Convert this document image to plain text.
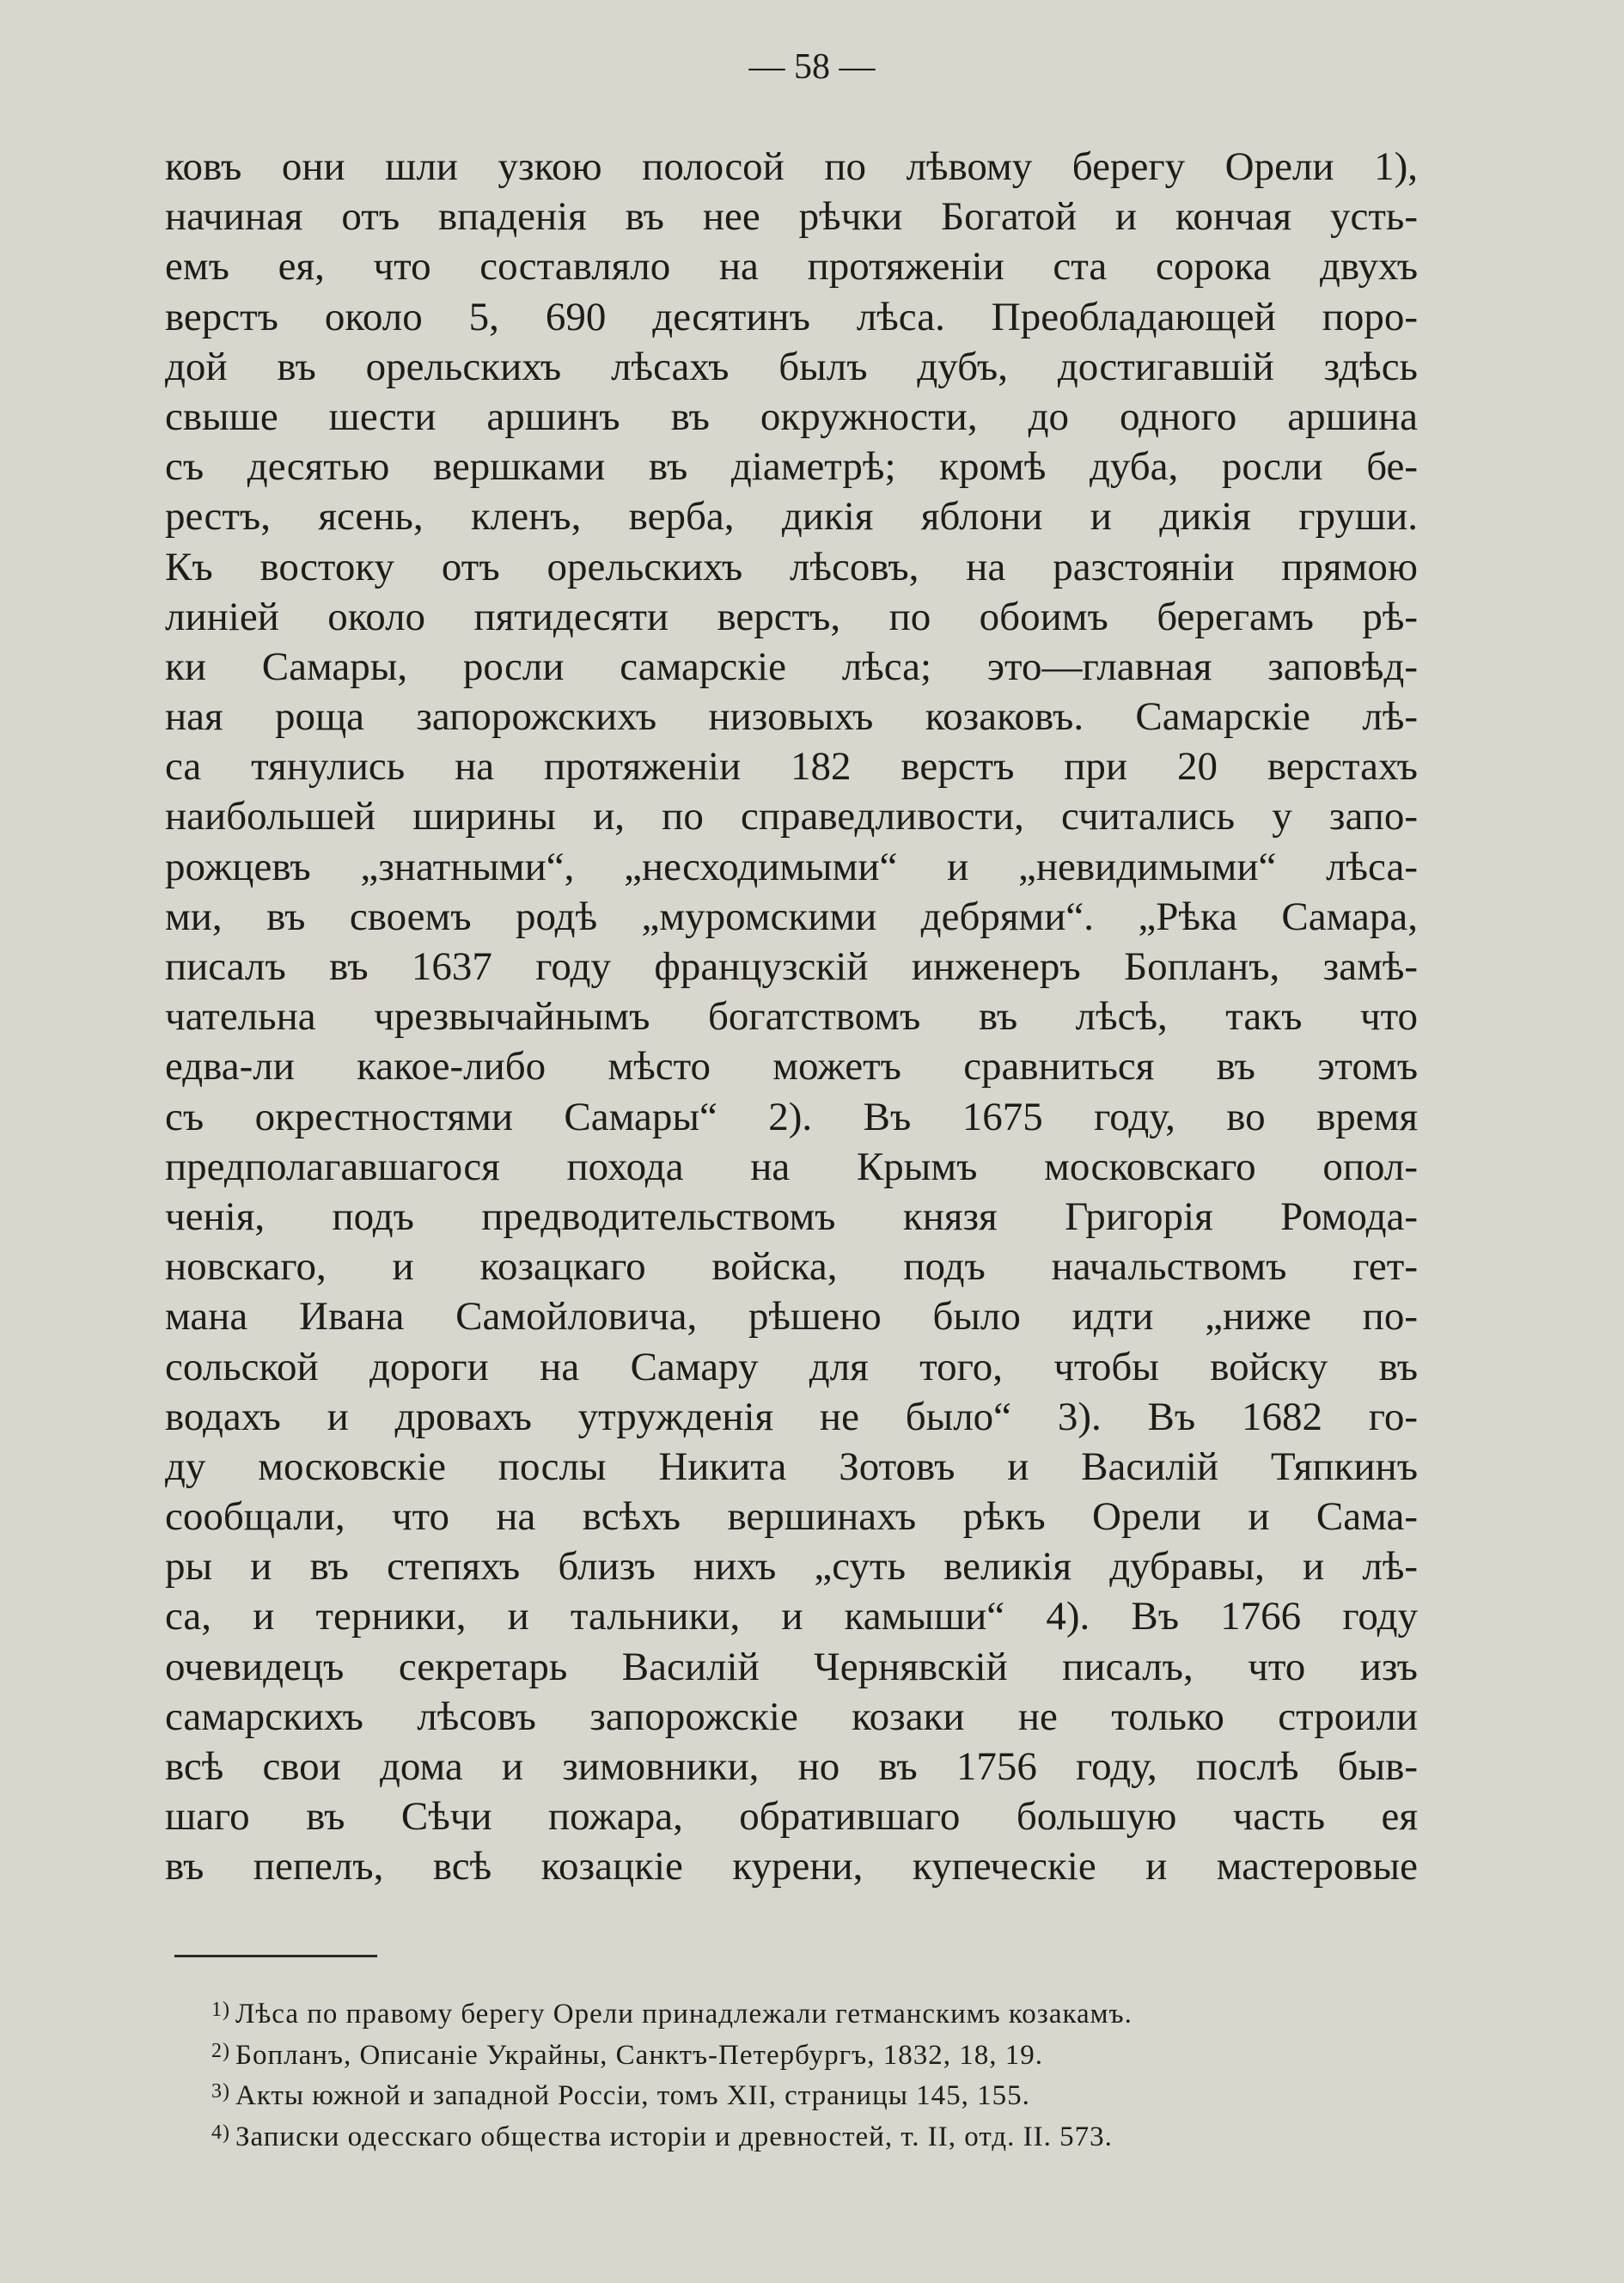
— 58 —
ковъ они шли узкою полосой по лѣвому берегу Орели 1),
начиная отъ впаденія въ нее рѣчки Богатой и кончая усть-
емъ ея, что составляло на протяженіи ста сорока двухъ
верстъ около 5, 690 десятинъ лѣса. Преобладающей поро-
дой въ орельскихъ лѣсахъ былъ дубъ, достигавшій здѣсь
свыше шести аршинъ въ окружности, до одного аршина
съ десятью вершками въ діаметрѣ; кромѣ дуба, росли бе-
рестъ, ясень, кленъ, верба, дикія яблони и дикія груши.
Къ востоку отъ орельскихъ лѣсовъ, на разстояніи прямою
линіей около пятидесяти верстъ, по обоимъ берегамъ рѣ-
ки Самары, росли самарскіе лѣса; это—главная заповѣд-
ная роща запорожскихъ низовыхъ козаковъ. Самарскіе лѣ-
са тянулись на протяженіи 182 верстъ при 20 верстахъ
наибольшей ширины и, по справедливости, считались у запо-
рожцевъ „знатными“, „несходимыми“ и „невидимыми“ лѣса-
ми, въ своемъ родѣ „муромскими дебрями“. „Рѣка Самара,
писалъ въ 1637 году французскій инженеръ Бопланъ, замѣ-
чательна чрезвычайнымъ богатствомъ въ лѣсѣ, такъ что
едва-ли какое-либо мѣсто можетъ сравниться въ этомъ
съ окрестностями Самары“ 2). Въ 1675 году, во время
предполагавшагося похода на Крымъ московскаго опол-
ченія, подъ предводительствомъ князя Григорія Ромода-
новскаго, и козацкаго войска, подъ начальствомъ гет-
мана Ивана Самойловича, рѣшено было идти „ниже по-
сольской дороги на Самару для того, чтобы войску въ
водахъ и дровахъ утружденія не было“ 3). Въ 1682 го-
ду московскіе послы Никита Зотовъ и Василій Тяпкинъ
сообщали, что на всѣхъ вершинахъ рѣкъ Орели и Сама-
ры и въ степяхъ близъ нихъ „суть великія дубравы, и лѣ-
са, и терники, и тальники, и камыши“ 4). Въ 1766 году
очевидецъ секретарь Василій Чернявскій писалъ, что изъ
самарскихъ лѣсовъ запорожскіе козаки не только строили
всѣ свои дома и зимовники, но въ 1756 году, послѣ быв-
шаго въ Сѣчи пожара, обратившаго большую часть ея
въ пепелъ, всѣ козацкіе курени, купеческіе и мастеровые
$^{1)}$ Лѣса по правому берегу Орели принадлежали гетманскимъ козакамъ.
$^{2)}$ Бопланъ, Описаніе Украйны, Санктъ-Петербургъ, 1832, 18, 19.
$^{3)}$ Акты южной и западной Россіи, томъ XII, страницы 145, 155.
$^{4)}$ Записки одесскаго общества исторіи и древностей, т. II, отд. II. 573.
